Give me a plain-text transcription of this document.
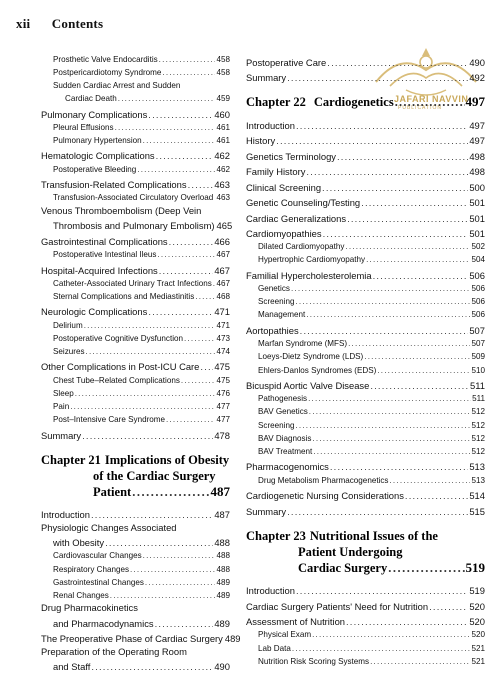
xii Contents
JAFARI NAVVIN
PUBLICATION
Prosthetic Valve Endocarditis .....	458
Postpericardiotomy Syndrome .....	458
Sudden Cardiac Arrest and Sudden
Cardiac Death .....	459
Pulmonary Complications .....	460
Pleural Effusions .....	461
Pulmonary Hypertension .....	461
Hematologic Complications .....	462
Postoperative Bleeding .....	462
Transfusion-Related Complications .....	463
Transfusion-Associated Circulatory Overload ..... 463
Venous Thromboembolism (Deep Vein
Thrombosis and Pulmonary Embolism) 465
Gastrointestinal Complications .....	466
Postoperative Intestinal Ileus .....	467
Hospital-Acquired Infections .....	467
Catheter-Associated Urinary Tract Infections ..... 467
Sternal Complications and Mediastinitis .....	468
Neurologic Complications .....	471
Delirium .....	471
Postoperative Cognitive Dysfunction .....	473
Seizures .....	474
Other Complications in Post-ICU Care ..... 475
Chest Tube–Related Complications .....	475
Sleep .....	476
Pain .....	477
Post–Intensive Care Syndrome .....	477
Summary .....	478
Chapter 21 Implications of Obesity
of the Cardiac Surgery
Patient .....	487
Introduction .....	487
Physiologic Changes Associated
with Obesity .....	488
Cardiovascular Changes .....	488
Respiratory Changes .....	488
Gastrointestinal Changes .....	489
Renal Changes .....	489
Drug Pharmacokinetics
and Pharmacodynamics .....	489
The Preoperative Phase of Cardiac Surgery 489
Preparation of the Operating Room
and Staff .....	490
Postoperative Care .....	490
Summary .....	492
Chapter 22 Cardiogenetics .....	497
Introduction .....	497
History .....	497
Genetics Terminology .....	498
Family History .....	498
Clinical Screening .....	500
Genetic Counseling/Testing .....	501
Cardiac Generalizations .....	501
Cardiomyopathies .....	501
Dilated Cardiomyopathy .....	502
Hypertrophic Cardiomyopathy .....	504
Familial Hypercholesterolemia .....	506
Genetics .....	506
Screening .....	506
Management .....	506
Aortopathies .....	507
Marfan Syndrome (MFS) .....	507
Loeys-Dietz Syndrome (LDS) .....	509
Ehlers-Danlos Syndromes (EDS) .....	510
Bicuspid Aortic Valve Disease .....	511
Pathogenesis .....	511
BAV Genetics .....	512
Screening .....	512
BAV Diagnosis .....	512
BAV Treatment .....	512
Pharmacogenomics .....	513
Drug Metabolism Pharmacogenetics .....	513
Cardiogenetic Nursing Considerations .....	514
Summary .....	515
Chapter 23 Nutritional Issues of the
Patient Undergoing
Cardiac Surgery .....	519
Introduction .....	519
Cardiac Surgery Patients' Need for Nutrition .....	520
Assessment of Nutrition .....	520
Physical Exam .....	520
Lab Data .....	521
Nutrition Risk Scoring Systems .....	521
